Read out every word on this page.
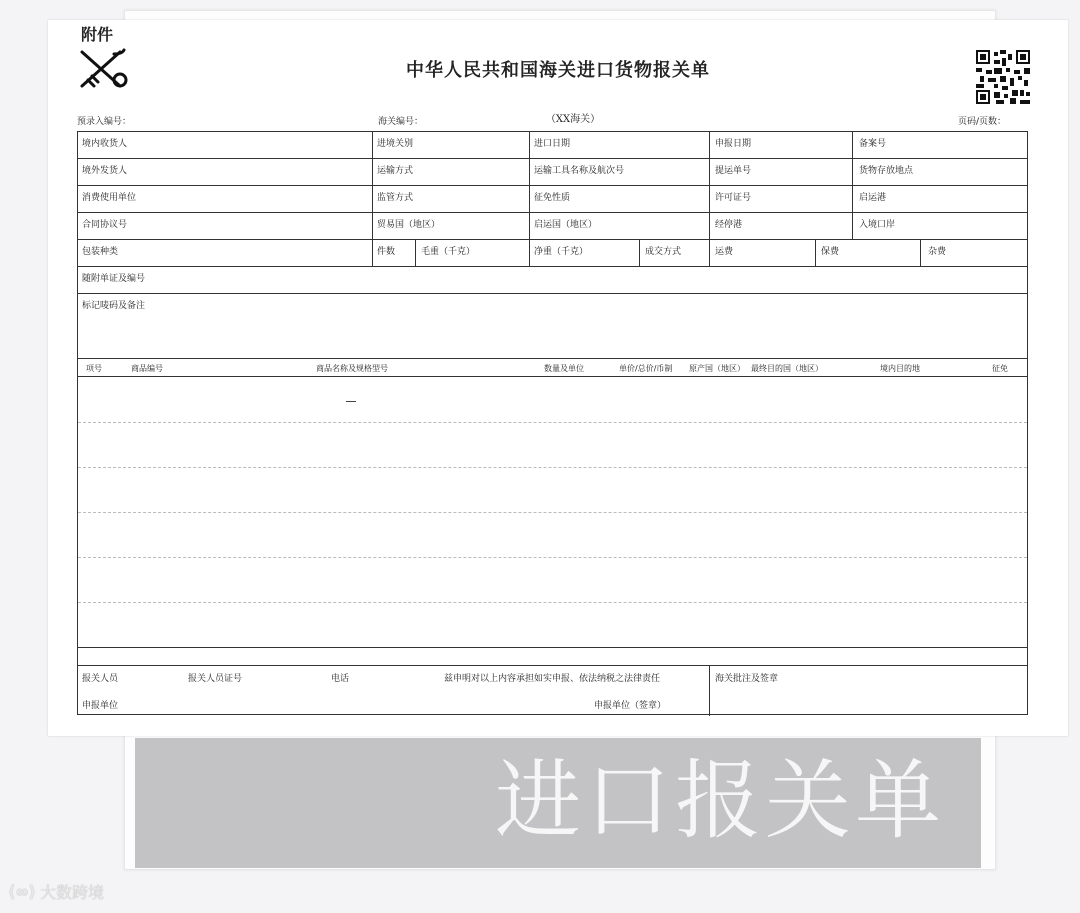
进口报关单
附件
中华人民共和国海关进口货物报关单
预录入编号：	海关编号：	（XX海关）	页码/页数：
境内收货人	进境关别	进口日期	申报日期	备案号
境外发货人	运输方式	运输工具名称及航次号	提运单号	货物存放地点
消费使用单位	监管方式	征免性质	许可证号	启运港
合同协议号	贸易国（地区）	启运国（地区）	经停港	入境口岸
包装种类	件数	毛重（千克）	净重（千克）	成交方式	运费	保费	杂费
随附单证及编号
标记唛码及备注
项号	商品编号	商品名称及规格型号	数量及单位	单价/总价/币制 原产国（地区） 最终目的国（地区）	境内目的地	征免
报关人员	报关人员证号	电话	兹申明对以上内容承担如实申报、依法纳税之法律责任	海关批注及签章
申报单位	申报单位（签章）
⟨∞⟩ 大数跨境
